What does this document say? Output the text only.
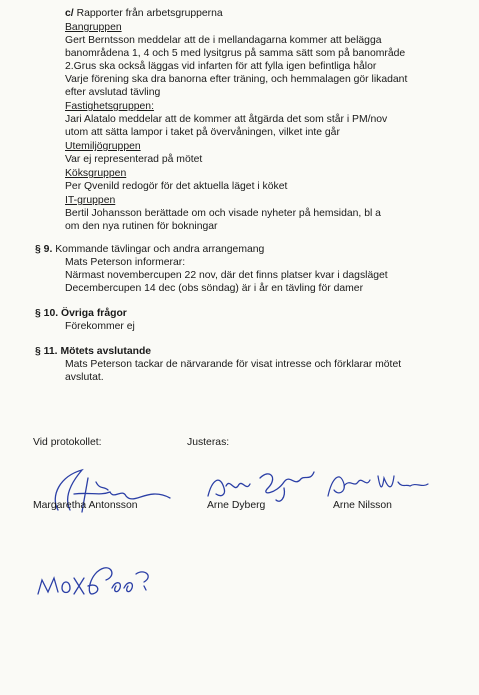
c/ Rapporter från arbetsgrupperna
Bangruppen
Gert Berntsson meddelar att de i mellandagarna kommer att belägga
banområdena 1, 4 och 5 med lysitgrus på samma sätt som på banområde
2.Grus ska också läggas vid infarten för att fylla igen befintliga hålor
Varje förening ska dra banorna efter träning, och hemmalagen gör likadant
efter avslutad tävling
Fastighetsgruppen:
Jari Alatalo meddelar att de kommer att åtgärda det som står i PM/nov
utom att sätta lampor i taket på övervåningen, vilket inte går
Utemiljögruppen
Var ej representerad på mötet
Köksgruppen
Per Qvenild redogör för det aktuella läget i köket
IT-gruppen
Bertil Johansson berättade om och visade nyheter på hemsidan, bl a
om den nya rutinen för bokningar
§ 9. Kommande tävlingar och andra arrangemang
Mats Peterson informerar:
Närmast novembercupen 22 nov, där det finns platser kvar i dagsläget
Decembercupen 14 dec (obs söndag) är i år en tävling för damer
§ 10. Övriga frågor
Förekommer ej
§ 11. Mötets avslutande
Mats Peterson tackar de närvarande för visat intresse och förklarar mötet
avslutat.
Vid protokollet:	Justeras:
Margaretha Antonsson	Arne Dyberg	Arne Nilsson
